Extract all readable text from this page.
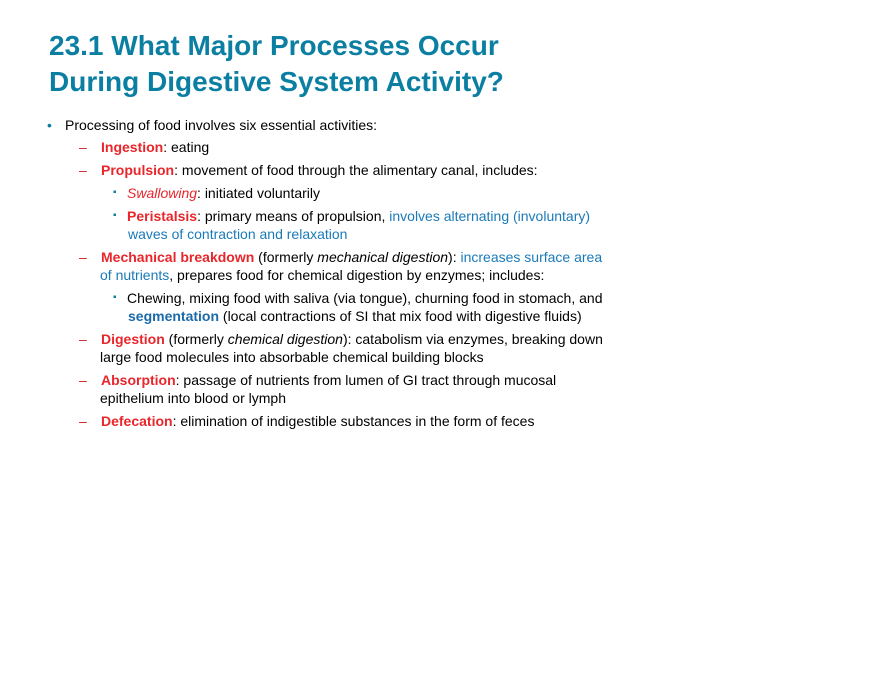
23.1 What Major Processes Occur
During Digestive System Activity?
• Processing of food involves six essential activities:
– Ingestion: eating
– Propulsion: movement of food through the alimentary canal, includes:
▪ Swallowing: initiated voluntarily
▪ Peristalsis: primary means of propulsion, involves alternating (involuntary)
waves of contraction and relaxation
– Mechanical breakdown (formerly mechanical digestion): increases surface area
of nutrients, prepares food for chemical digestion by enzymes; includes:
▪ Chewing, mixing food with saliva (via tongue), churning food in stomach, and
segmentation (local contractions of SI that mix food with digestive fluids)
– Digestion (formerly chemical digestion): catabolism via enzymes, breaking down
large food molecules into absorbable chemical building blocks
– Absorption: passage of nutrients from lumen of GI tract through mucosal
epithelium into blood or lymph
– Defecation: elimination of indigestible substances in the form of feces
